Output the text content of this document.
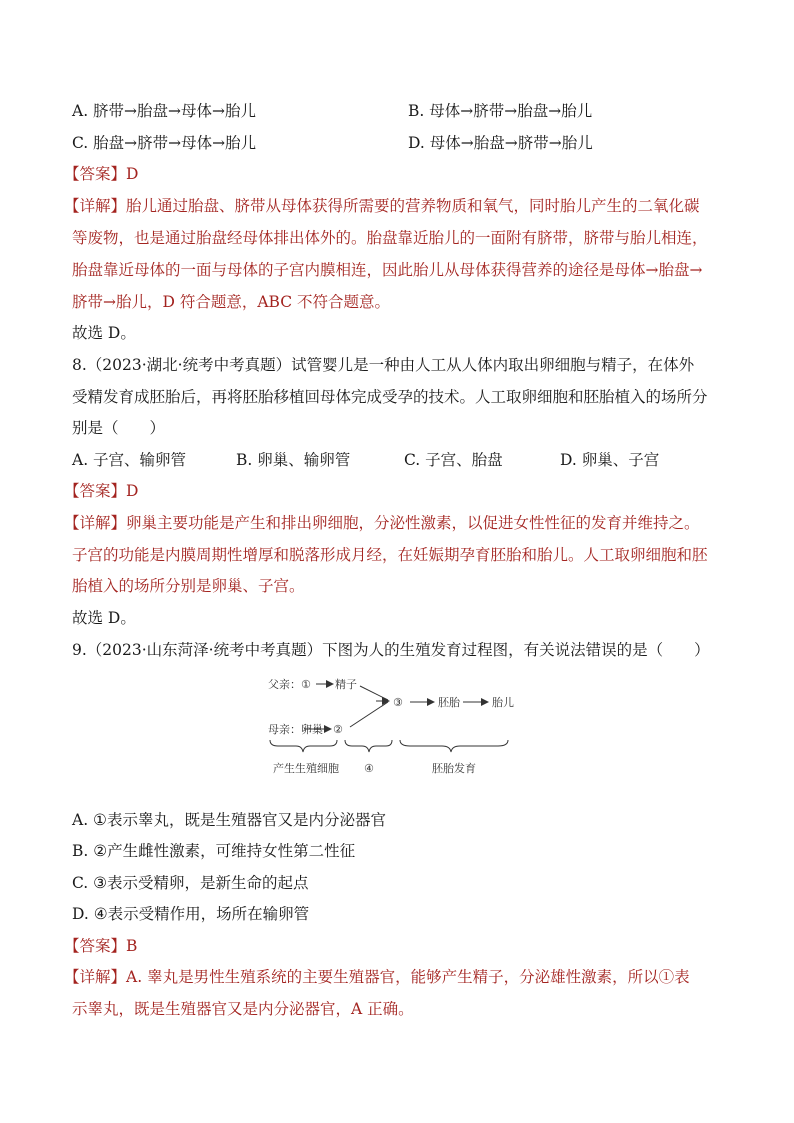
A. 脐带→胎盘→母体→胎儿	B. 母体→脐带→胎盘→胎儿
C. 胎盘→脐带→母体→胎儿	D. 母体→胎盘→脐带→胎儿
【答案】D
【详解】胎儿通过胎盘、脐带从母体获得所需要的营养物质和氧气，同时胎儿产生的二氧化碳
等废物，也是通过胎盘经母体排出体外的。胎盘靠近胎儿的一面附有脐带，脐带与胎儿相连，
胎盘靠近母体的一面与母体的子宫内膜相连，因此胎儿从母体获得营养的途径是母体→胎盘→
脐带→胎儿，D 符合题意，ABC 不符合题意。
故选 D。
8.（2023·湖北·统考中考真题）试管婴儿是一种由人工从人体内取出卵细胞与精子，在体外
受精发育成胚胎后，再将胚胎移植回母体完成受孕的技术。人工取卵细胞和胚胎植入的场所分
别是（　　）
A. 子宫、输卵管	B. 卵巢、输卵管	C. 子宫、胎盘	D. 卵巢、子宫
【答案】D
【详解】卵巢主要功能是产生和排出卵细胞，分泌性激素，以促进女性性征的发育并维持之。
子宫的功能是内膜周期性增厚和脱落形成月经，在妊娠期孕育胚胎和胎儿。人工取卵细胞和胚
胎植入的场所分别是卵巢、子宫。
故选 D。
9.（2023·山东菏泽·统考中考真题）下图为人的生殖发育过程图，有关说法错误的是（　　）
父亲：① 精子
母亲：卵巢 ②
③	胚胎	胎儿
产生生殖细胞 ④	胚胎发育
A. ①表示睾丸，既是生殖器官又是内分泌器官
B. ②产生雌性激素，可维持女性第二性征
C. ③表示受精卵，是新生命的起点
D. ④表示受精作用，场所在输卵管
【答案】B
【详解】A. 睾丸是男性生殖系统的主要生殖器官，能够产生精子，分泌雄性激素，所以①表
示睾丸，既是生殖器官又是内分泌器官，A 正确。
